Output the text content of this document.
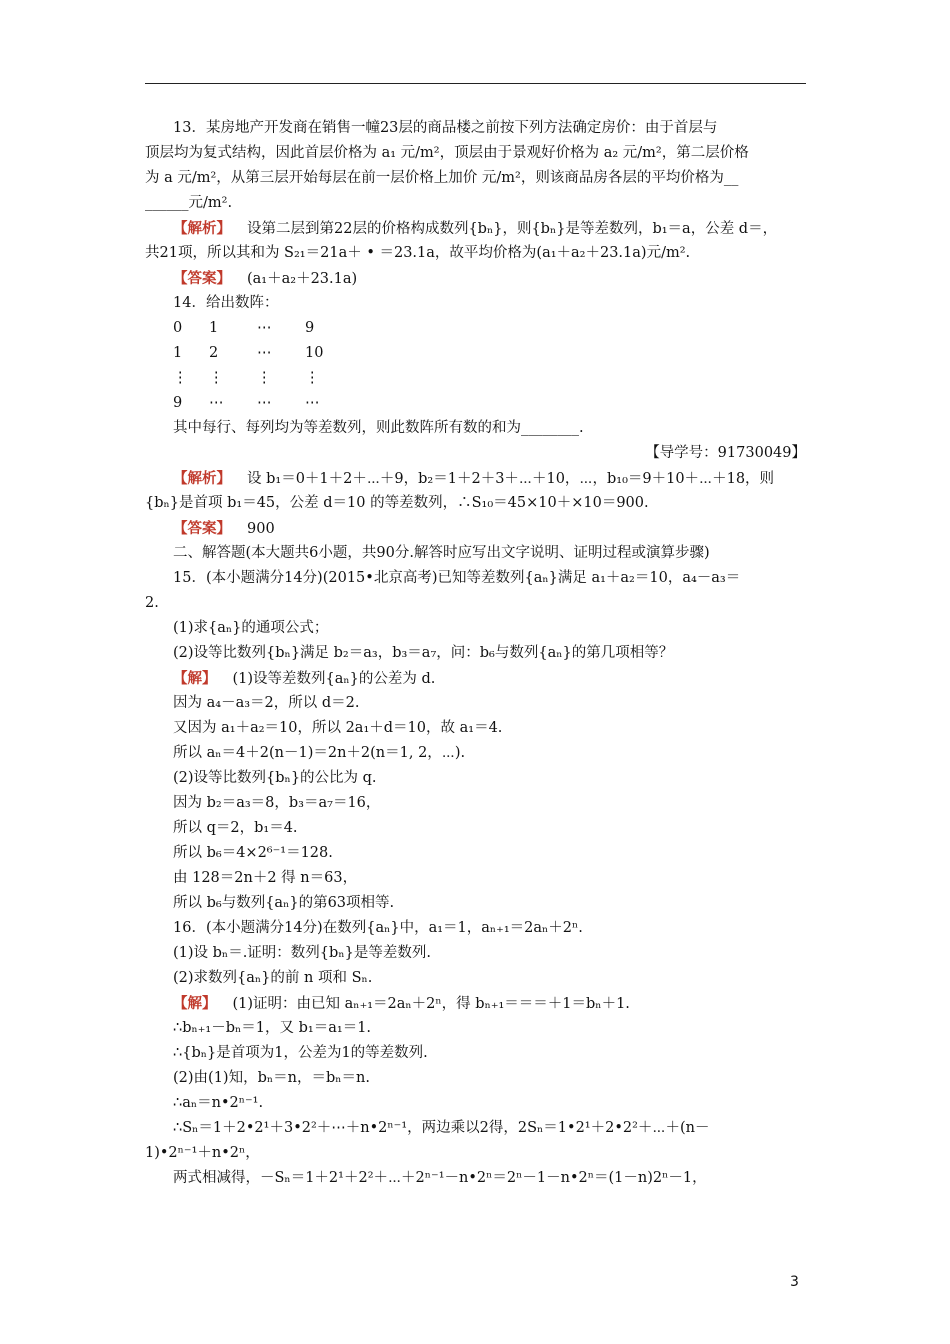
13．某房地产开发商在销售一幢23层的商品楼之前按下列方法确定房价：由于首层与
顶层均为复式结构，因此首层价格为 a₁ 元/m²，顶层由于景观好价格为 a₂ 元/m²，第二层价格
为 a 元/m²，从第三层开始每层在前一层价格上加价 元/m²，则该商品房各层的平均价格为__
______元/m².
【解析】 设第二层到第22层的价格构成数列{bₙ}，则{bₙ}是等差数列，b₁＝a，公差 d＝，
共21项，所以其和为 S₂₁＝21a＋ • ＝23.1a，故平均价格为(a₁＋a₂＋23.1a)元/m².
【答案】 (a₁＋a₂＋23.1a)
14．给出数阵：
0 1	⋯ 9
1 2	⋯ 10
⋮ ⋮ ⋮ ⋮
9 ⋯ ⋯ ⋯
其中每行、每列均为等差数列，则此数阵所有数的和为________.
【导学号：91730049】
【解析】 设 b₁＝0＋1＋2＋⋯＋9，b₂＝1＋2＋3＋⋯＋10，⋯，b₁₀＝9＋10＋⋯＋18，则
{bₙ}是首项 b₁＝45，公差 d＝10 的等差数列，∴S₁₀＝45×10＋×10＝900.
【答案】 900
二、解答题(本大题共6小题，共90分.解答时应写出文字说明、证明过程或演算步骤)
15．(本小题满分14分)(2015•北京高考)已知等差数列{aₙ}满足 a₁＋a₂＝10，a₄－a₃＝
2.
(1)求{aₙ}的通项公式；
(2)设等比数列{bₙ}满足 b₂＝a₃，b₃＝a₇，问：b₆与数列{aₙ}的第几项相等？
【解】 (1)设等差数列{aₙ}的公差为 d.
因为 a₄－a₃＝2，所以 d＝2.
又因为 a₁＋a₂＝10，所以 2a₁＋d＝10，故 a₁＝4.
所以 aₙ＝4＋2(n－1)＝2n＋2(n＝1, 2，⋯).
(2)设等比数列{bₙ}的公比为 q.
因为 b₂＝a₃＝8，b₃＝a₇＝16，
所以 q＝2，b₁＝4.
所以 b₆＝4×2⁶⁻¹＝128.
由 128＝2n＋2 得 n＝63，
所以 b₆与数列{aₙ}的第63项相等.
16．(本小题满分14分)在数列{aₙ}中，a₁＝1，aₙ₊₁＝2aₙ＋2ⁿ.
(1)设 bₙ＝.证明：数列{bₙ}是等差数列.
(2)求数列{aₙ}的前 n 项和 Sₙ.
【解】 (1)证明：由已知 aₙ₊₁＝2aₙ＋2ⁿ，得 bₙ₊₁＝＝＝＋1＝bₙ＋1.
∴bₙ₊₁－bₙ＝1，又 b₁＝a₁＝1.
∴{bₙ}是首项为1，公差为1的等差数列.
(2)由(1)知，bₙ＝n，＝bₙ＝n.
∴aₙ＝n•2ⁿ⁻¹.
∴Sₙ＝1＋2•2¹＋3•2²＋⋯＋n•2ⁿ⁻¹，两边乘以2得，2Sₙ＝1•2¹＋2•2²＋⋯＋(n－
1)•2ⁿ⁻¹＋n•2ⁿ，
两式相减得，－Sₙ＝1＋2¹＋2²＋⋯＋2ⁿ⁻¹－n•2ⁿ＝2ⁿ－1－n•2ⁿ＝(1－n)2ⁿ－1，
3
